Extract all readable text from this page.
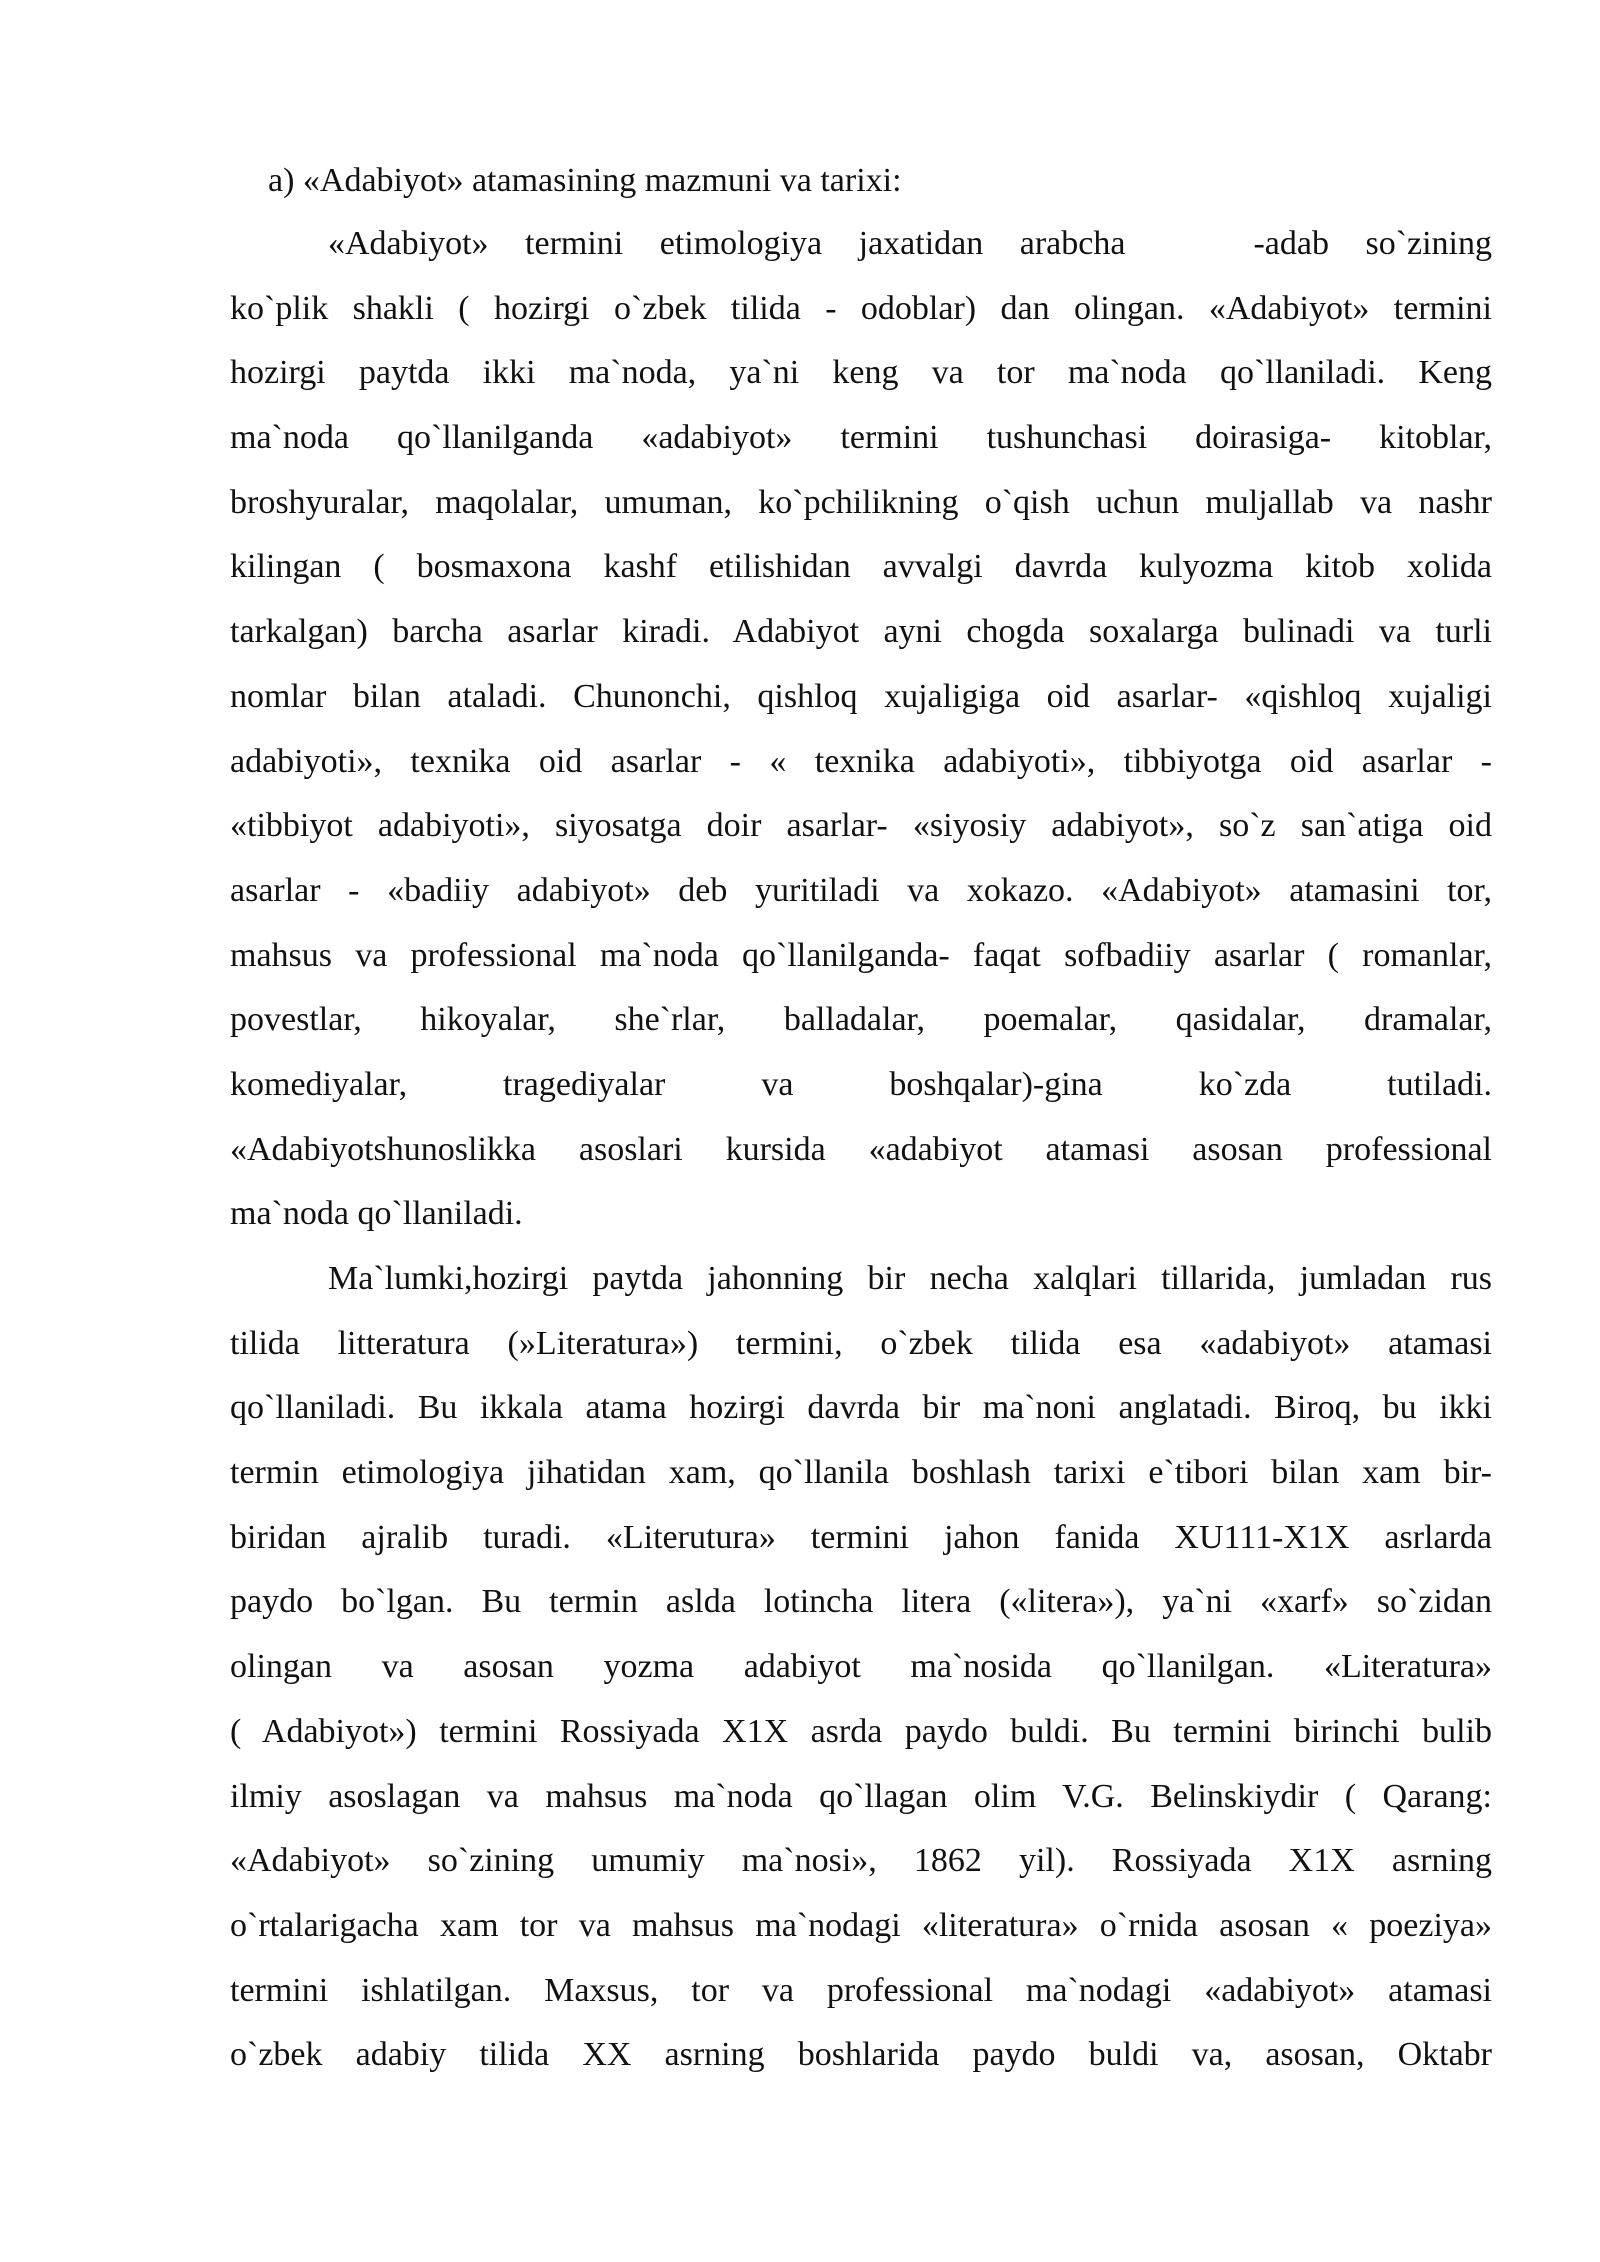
a) «Adabiyot» atamasining mazmuni va tarixi:
«Adabiyot» termini etimologiya jaxatidan arabcha	-adab so`zining
ko`plik shakli ( hozirgi o`zbek tilida - odoblar) dan olingan. «Adabiyot» termini
hozirgi paytda ikki ma`noda, ya`ni keng va tor ma`noda qo`llaniladi. Keng
ma`noda qo`llanilganda «adabiyot» termini tushunchasi doirasiga- kitoblar,
broshyuralar, maqolalar, umuman, ko`pchilikning o`qish uchun muljallab va nashr
kilingan ( bosmaxona kashf etilishidan avvalgi davrda kulyozma kitob xolida
tarkalgan) barcha asarlar kiradi. Adabiyot ayni chogda soxalarga bulinadi va turli
nomlar bilan ataladi. Chunonchi, qishloq xujaligiga oid asarlar- «qishloq xujaligi
adabiyoti», texnika oid asarlar - « texnika adabiyoti», tibbiyotga oid asarlar -
«tibbiyot adabiyoti», siyosatga doir asarlar- «siyosiy adabiyot», so`z san`atiga oid
asarlar - «badiiy adabiyot» deb yuritiladi va xokazo. «Adabiyot» atamasini tor,
mahsus va professional ma`noda qo`llanilganda- faqat sofbadiiy asarlar ( romanlar,
povestlar, hikoyalar, she`rlar, balladalar, poemalar, qasidalar, dramalar,
komediyalar, tragediyalar va boshqalar)-gina ko`zda tutiladi.
«Adabiyotshunoslikka asoslari kursida «adabiyot atamasi asosan professional
ma`noda qo`llaniladi.
Ma`lumki,hozirgi paytda jahonning bir necha xalqlari tillarida, jumladan rus
tilida litteratura (»Literatura») termini, o`zbek tilida esa «adabiyot» atamasi
qo`llaniladi. Bu ikkala atama hozirgi davrda bir ma`noni anglatadi. Biroq, bu ikki
termin etimologiya jihatidan xam, qo`llanila boshlash tarixi e`tibori bilan xam bir-
biridan ajralib turadi. «Literutura» termini jahon fanida XU111-X1X asrlarda
paydo bo`lgan. Bu termin aslda lotincha litera («litera»), ya`ni «xarf» so`zidan
olingan va asosan yozma adabiyot ma`nosida qo`llanilgan. «Literatura»
( Adabiyot») termini Rossiyada X1X asrda paydo buldi. Bu termini birinchi bulib
ilmiy asoslagan va mahsus ma`noda qo`llagan olim V.G. Belinskiydir ( Qarang:
«Adabiyot» so`zining umumiy ma`nosi», 1862 yil). Rossiyada X1X asrning
o`rtalarigacha xam tor va mahsus ma`nodagi «literatura» o`rnida asosan « poeziya»
termini ishlatilgan. Maxsus, tor va professional ma`nodagi «adabiyot» atamasi
o`zbek adabiy tilida XX asrning boshlarida paydo buldi va, asosan, Oktabr
